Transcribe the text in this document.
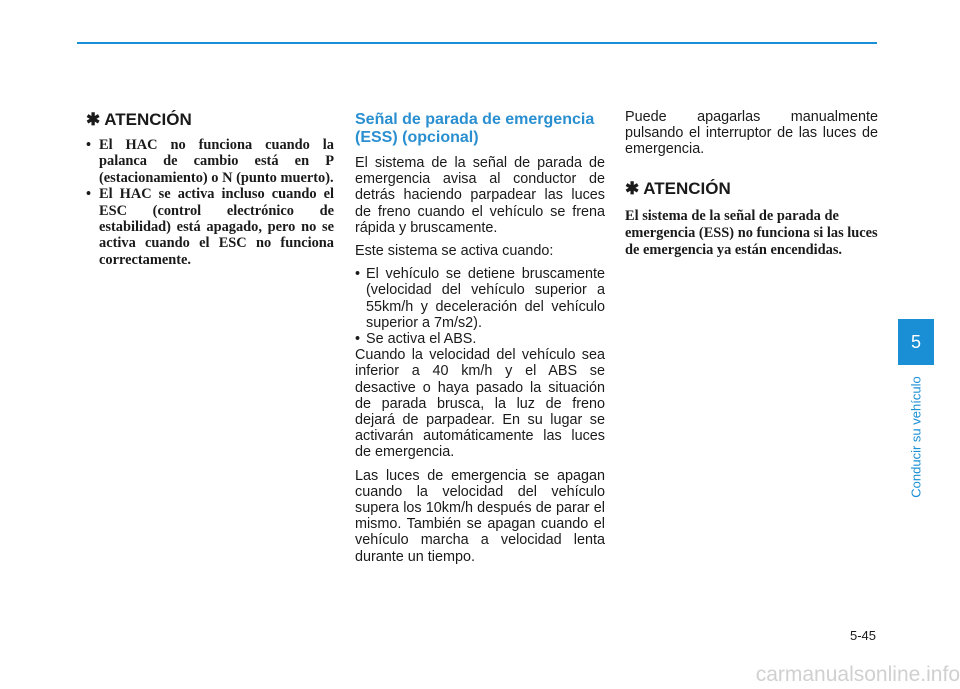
✱ ATENCIÓN
• El HAC no funciona cuando la palanca de cambio está en P (estacionamiento) o N (punto muerto).
• El HAC se activa incluso cuando el ESC (control electrónico de estabilidad) está apagado, pero no se activa cuando el ESC no funciona correctamente.
Señal de parada de emergencia (ESS) (opcional)

El sistema de la señal de parada de emergencia avisa al conductor de detrás haciendo parpadear las luces de freno cuando el vehículo se frena rápida y bruscamente.

Este sistema se activa cuando:

• El vehículo se detiene bruscamente (velocidad del vehículo superior a 55km/h y deceleración del vehículo superior a 7m/s2).
• Se activa el ABS.

Cuando la velocidad del vehículo sea inferior a 40 km/h y el ABS se desactive o haya pasado la situación de parada brusca, la luz de freno dejará de parpadear. En su lugar se activarán automáticamente las luces de emergencia.

Las luces de emergencia se apagan cuando la velocidad del vehículo supera los 10km/h después de parar el mismo. También se apagan cuando el vehículo marcha a velocidad lenta durante un tiempo.

Puede apagarlas manualmente pulsando el interruptor de las luces de emergencia.

✱ ATENCIÓN

El sistema de la señal de parada de emergencia (ESS) no funciona si las luces de emergencia ya están encendidas.

5
Conducir su vehículo
5-45
carmanualsonline.info
